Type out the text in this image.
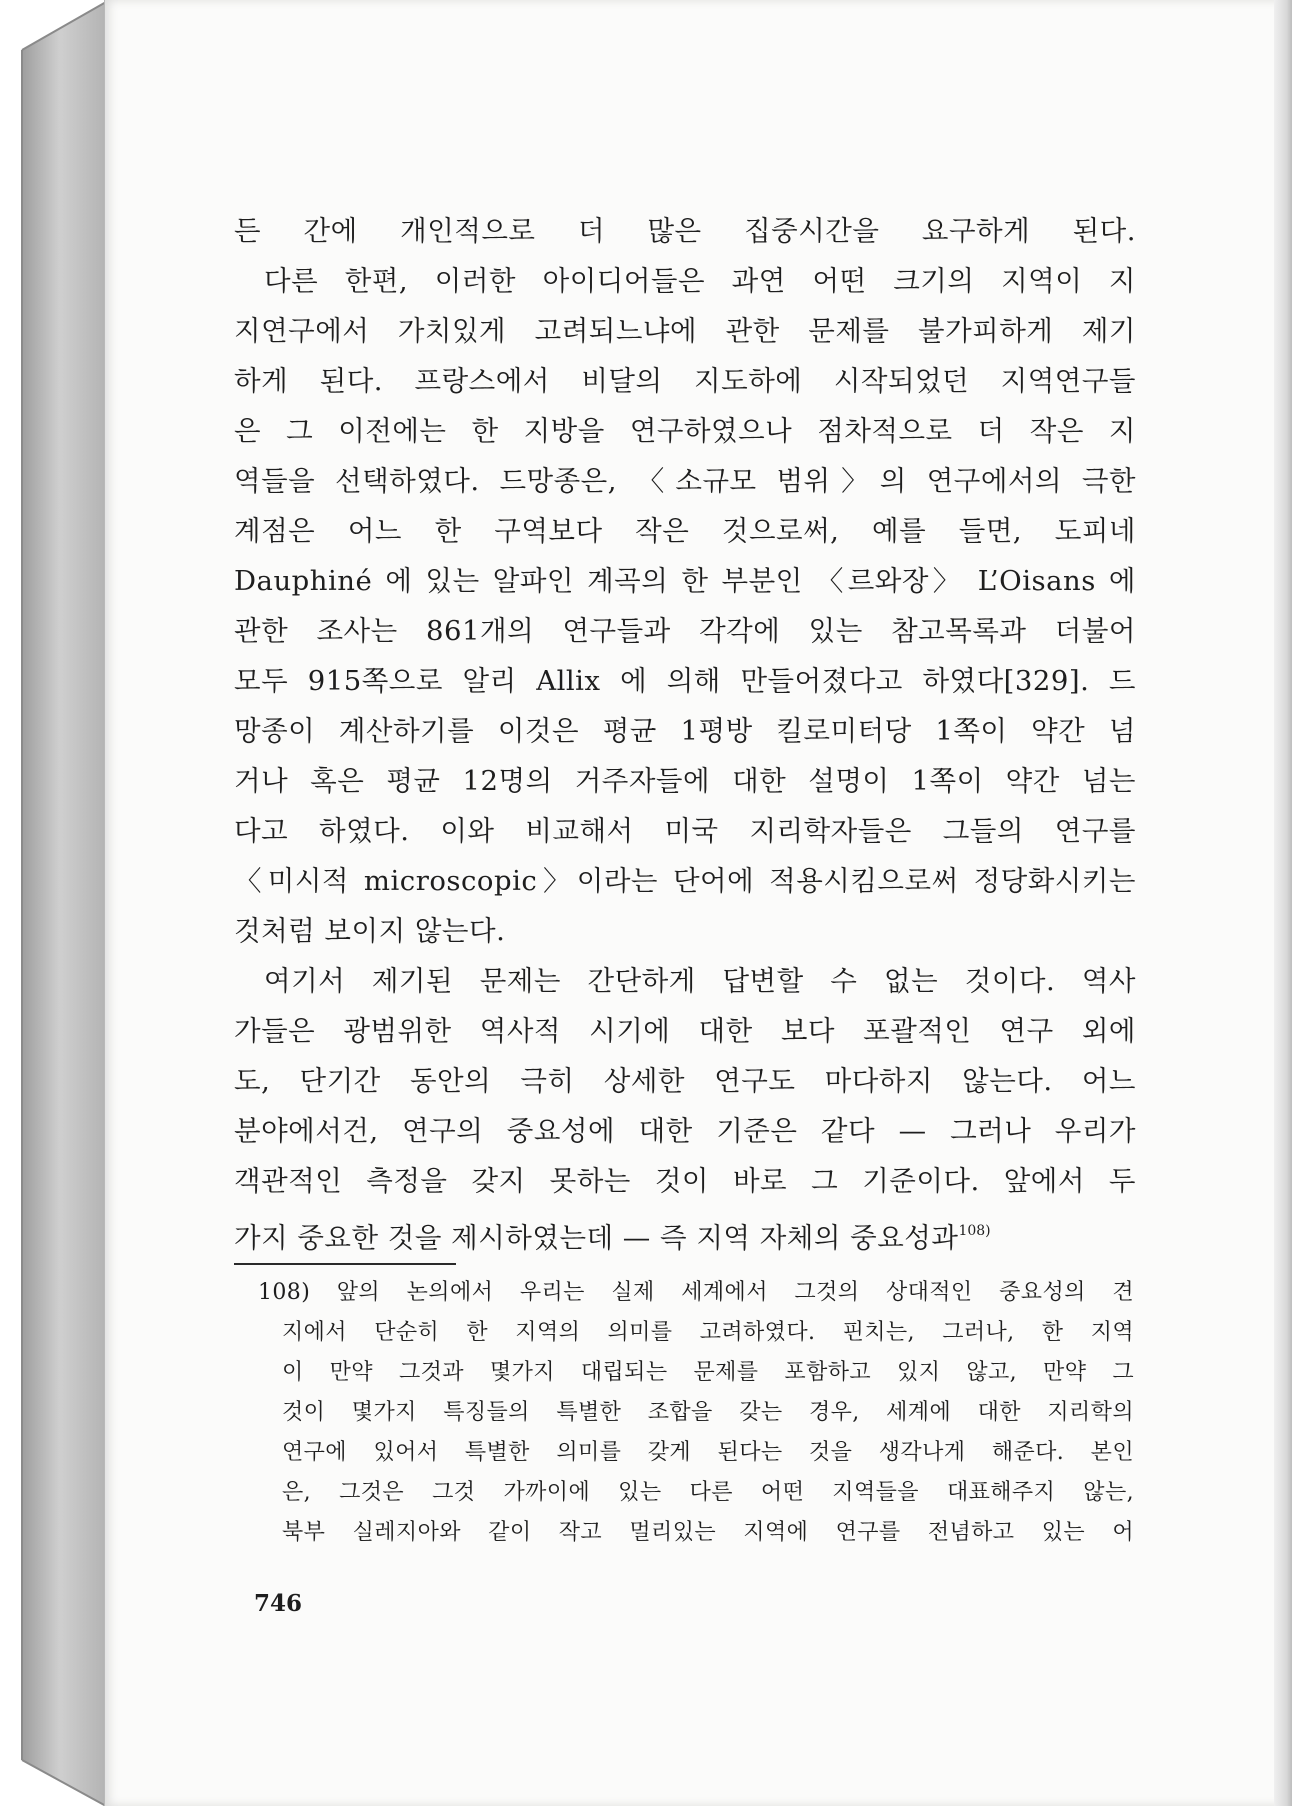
든 간에 개인적으로 더 많은 집중시간을 요구하게 된다.
다른 한편, 이러한 아이디어들은 과연 어떤 크기의 지역이 지
지연구에서 가치있게 고려되느냐에 관한 문제를 불가피하게 제기
하게 된다. 프랑스에서 비달의 지도하에 시작되었던 지역연구들
은 그 이전에는 한 지방을 연구하였으나 점차적으로 더 작은 지
역들을 선택하였다. 드망종은, 〈소규모 범위〉의 연구에서의 극한
계점은 어느 한 구역보다 작은 것으로써, 예를 들면, 도피네
Dauphiné 에 있는 알파인 계곡의 한 부분인 〈르와장〉 L’Oisans 에
관한 조사는 861개의 연구들과 각각에 있는 참고목록과 더불어
모두 915쪽으로 알리 Allix 에 의해 만들어졌다고 하였다[329]. 드
망종이 계산하기를 이것은 평균 1평방 킬로미터당 1쪽이 약간 넘
거나 혹은 평균 12명의 거주자들에 대한 설명이 1쪽이 약간 넘는
다고 하였다. 이와 비교해서 미국 지리학자들은 그들의 연구를
〈미시적 microscopic〉이라는 단어에 적용시킴으로써 정당화시키는
것처럼 보이지 않는다.
여기서 제기된 문제는 간단하게 답변할 수 없는 것이다. 역사
가들은 광범위한 역사적 시기에 대한 보다 포괄적인 연구 외에
도, 단기간 동안의 극히 상세한 연구도 마다하지 않는다. 어느
분야에서건, 연구의 중요성에 대한 기준은 같다 — 그러나 우리가
객관적인 측정을 갖지 못하는 것이 바로 그 기준이다. 앞에서 두
가지 중요한 것을 제시하였는데 — 즉 지역 자체의 중요성과$^{108)}$
108) 앞의 논의에서 우리는 실제 세계에서 그것의 상대적인 중요성의 견
지에서 단순히 한 지역의 의미를 고려하였다. 핀치는, 그러나, 한 지역
이 만약 그것과 몇가지 대립되는 문제를 포함하고 있지 않고, 만약 그
것이 몇가지 특징들의 특별한 조합을 갖는 경우, 세계에 대한 지리학의
연구에 있어서 특별한 의미를 갖게 된다는 것을 생각나게 해준다. 본인
은, 그것은 그것 가까이에 있는 다른 어떤 지역들을 대표해주지 않는,
북부 실레지아와 같이 작고 멀리있는 지역에 연구를 전념하고 있는 어
746
